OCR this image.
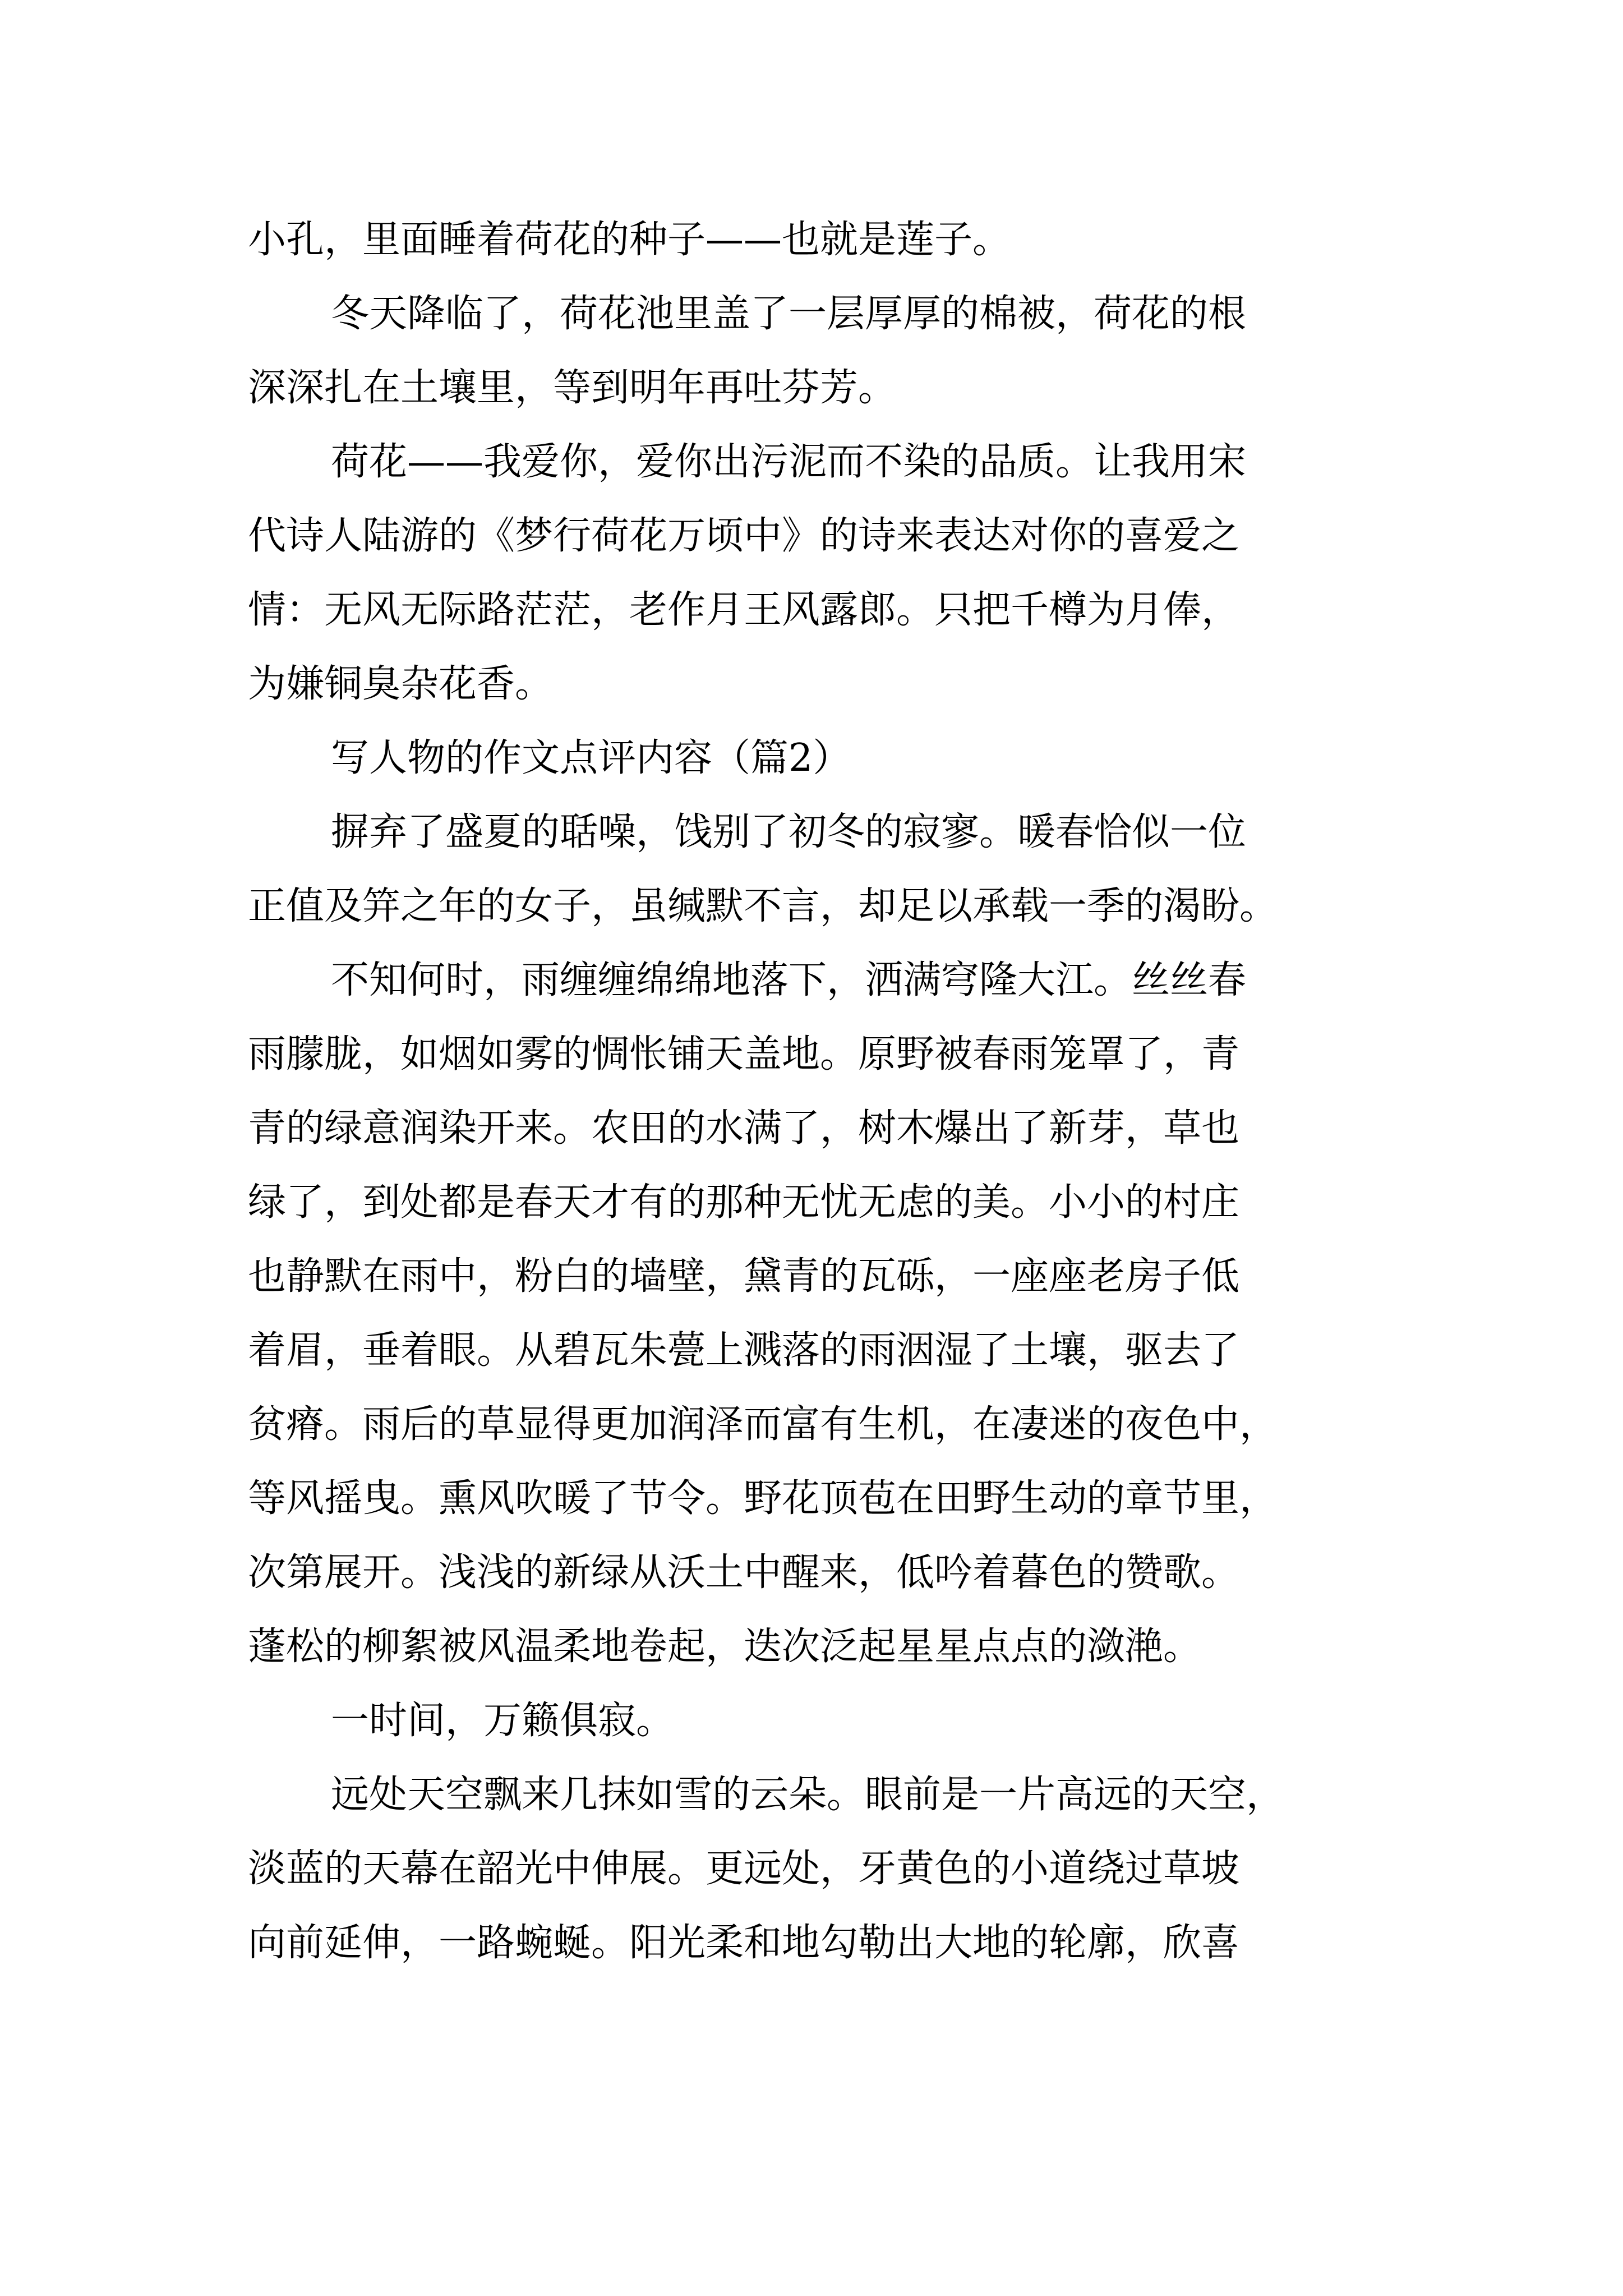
小孔，里面睡着荷花的种子——也就是莲子。
冬天降临了，荷花池里盖了一层厚厚的棉被，荷花的根
深深扎在土壤里，等到明年再吐芬芳。
荷花——我爱你，爱你出污泥而不染的品质。让我用宋
代诗人陆游的《梦行荷花万顷中》的诗来表达对你的喜爱之
情：无风无际路茫茫，老作月王风露郎。只把千樽为月俸，
为嫌铜臭杂花香。
写人物的作文点评内容（篇2）
摒弃了盛夏的聒噪，饯别了初冬的寂寥。暖春恰似一位
正值及笄之年的女子，虽缄默不言，却足以承载一季的渴盼。
不知何时，雨缠缠绵绵地落下，洒满穹隆大江。丝丝春
雨朦胧，如烟如雾的惆怅铺天盖地。原野被春雨笼罩了，青
青的绿意润染开来。农田的水满了，树木爆出了新芽，草也
绿了，到处都是春天才有的那种无忧无虑的美。小小的村庄
也静默在雨中，粉白的墙壁，黛青的瓦砾，一座座老房子低
着眉，垂着眼。从碧瓦朱甍上溅落的雨洇湿了土壤，驱去了
贫瘠。雨后的草显得更加润泽而富有生机，在凄迷的夜色中，
等风摇曳。熏风吹暖了节令。野花顶苞在田野生动的章节里，
次第展开。浅浅的新绿从沃土中醒来，低吟着暮色的赞歌。
蓬松的柳絮被风温柔地卷起，迭次泛起星星点点的潋滟。
一时间，万籁俱寂。
远处天空飘来几抹如雪的云朵。眼前是一片高远的天空，
淡蓝的天幕在韶光中伸展。更远处，牙黄色的小道绕过草坡
向前延伸，一路蜿蜒。阳光柔和地勾勒出大地的轮廓，欣喜
